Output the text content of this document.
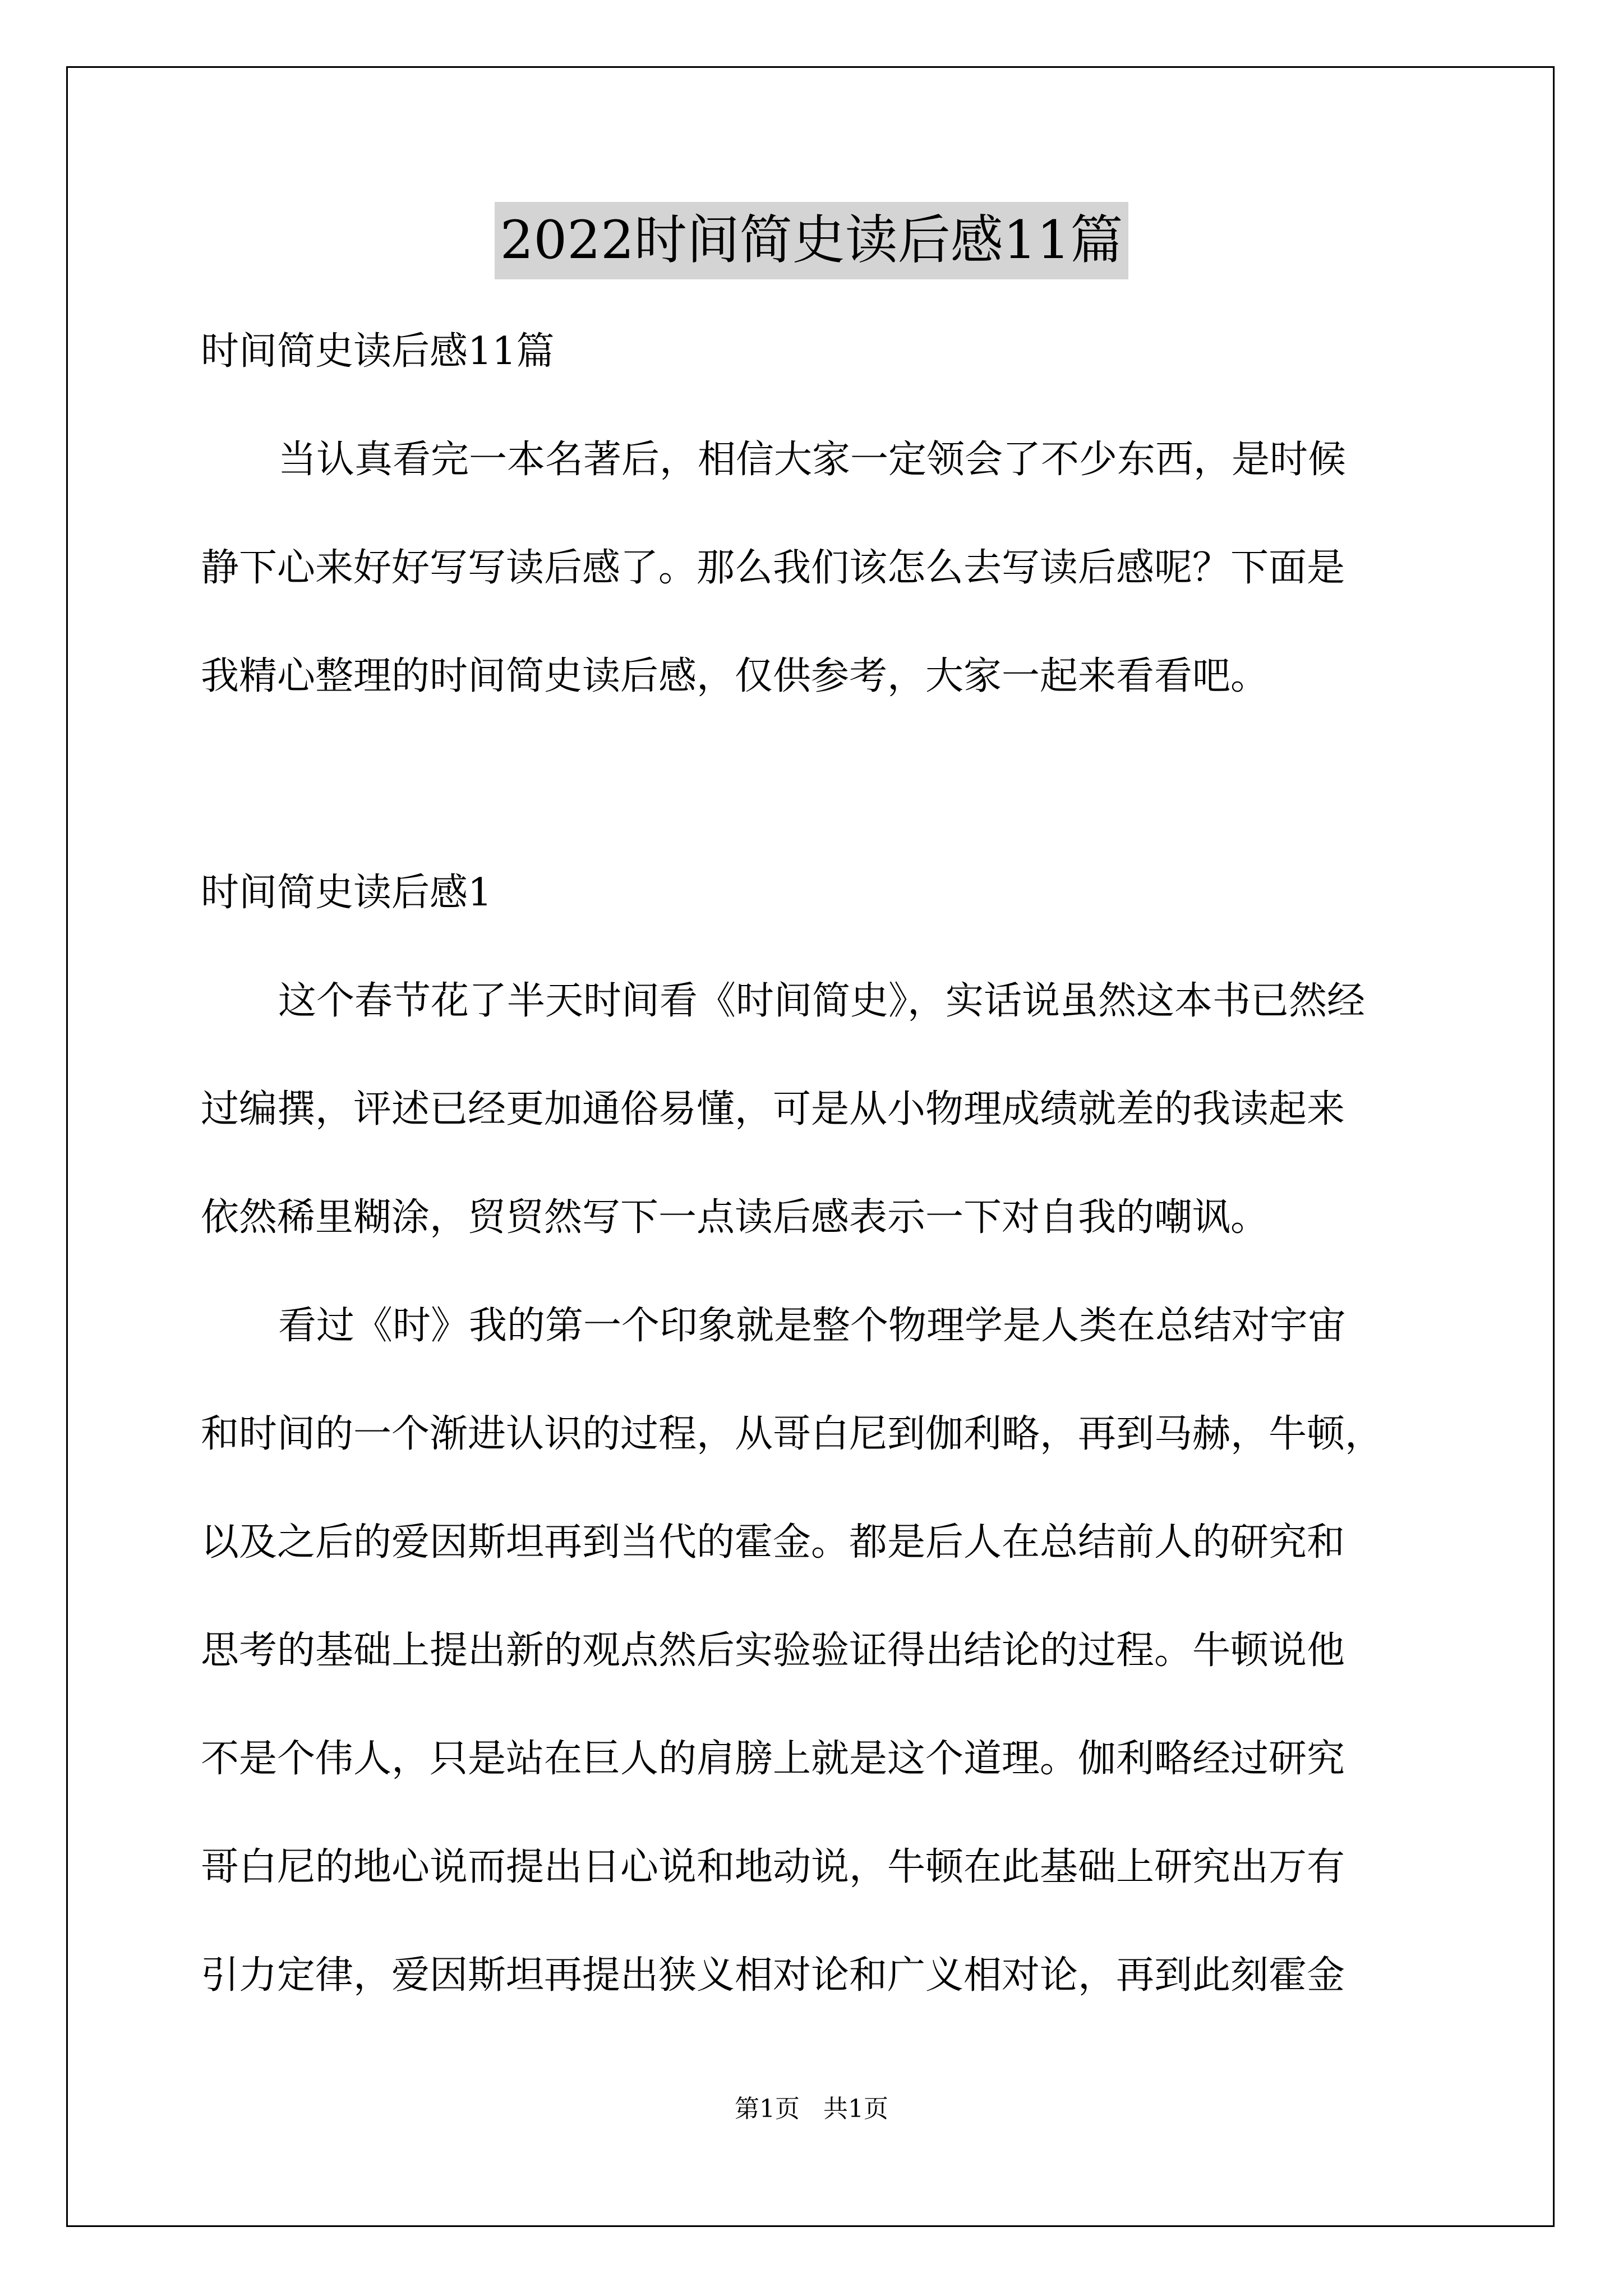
2022时间简史读后感11篇
时间简史读后感11篇
当认真看完一本名著后，相信大家一定领会了不少东西，是时候
静下心来好好写写读后感了。那么我们该怎么去写读后感呢？下面是
我精心整理的时间简史读后感，仅供参考，大家一起来看看吧。
时间简史读后感1
这个春节花了半天时间看《时间简史》，实话说虽然这本书已然经
过编撰，评述已经更加通俗易懂，可是从小物理成绩就差的我读起来
依然稀里糊涂，贸贸然写下一点读后感表示一下对自我的嘲讽。
看过《时》我的第一个印象就是整个物理学是人类在总结对宇宙
和时间的一个渐进认识的过程，从哥白尼到伽利略，再到马赫，牛顿，
以及之后的爱因斯坦再到当代的霍金。都是后人在总结前人的研究和
思考的基础上提出新的观点然后实验验证得出结论的过程。牛顿说他
不是个伟人，只是站在巨人的肩膀上就是这个道理。伽利略经过研究
哥白尼的地心说而提出日心说和地动说，牛顿在此基础上研究出万有
引力定律，爱因斯坦再提出狭义相对论和广义相对论，再到此刻霍金
第1页   共1页
